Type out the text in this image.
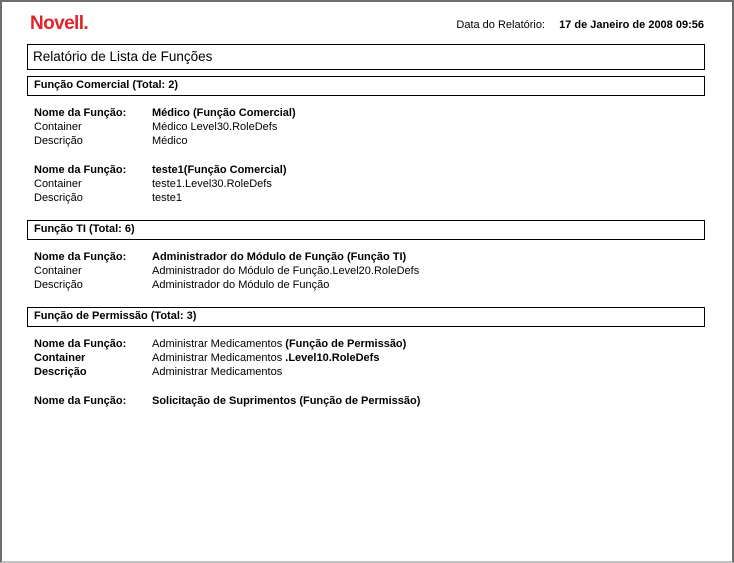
Novell.	Data do Relatório: 17 de Janeiro de 2008 09:56
Relatório de Lista de Funções
Função Comercial (Total: 2)
Nome da Função:	Médico (Função Comercial)
Container	Médico Level30.RoleDefs
Descrição	Médico
Nome da Função:	teste1(Função Comercial)
Container	teste1.Level30.RoleDefs
Descrição	teste1
Função TI (Total: 6)
Nome da Função:	Administrador do Módulo de Função (Função TI)
Container	Administrador do Módulo de Função.Level20.RoleDefs
Descrição	Administrador do Módulo de Função
Função de Permissão (Total: 3)
Nome da Função:	Administrar Medicamentos (Função de Permissão)
Container	Administrar Medicamentos .Level10.RoleDefs
Descrição	Administrar Medicamentos
Nome da Função:	Solicitação de Suprimentos (Função de Permissão)
